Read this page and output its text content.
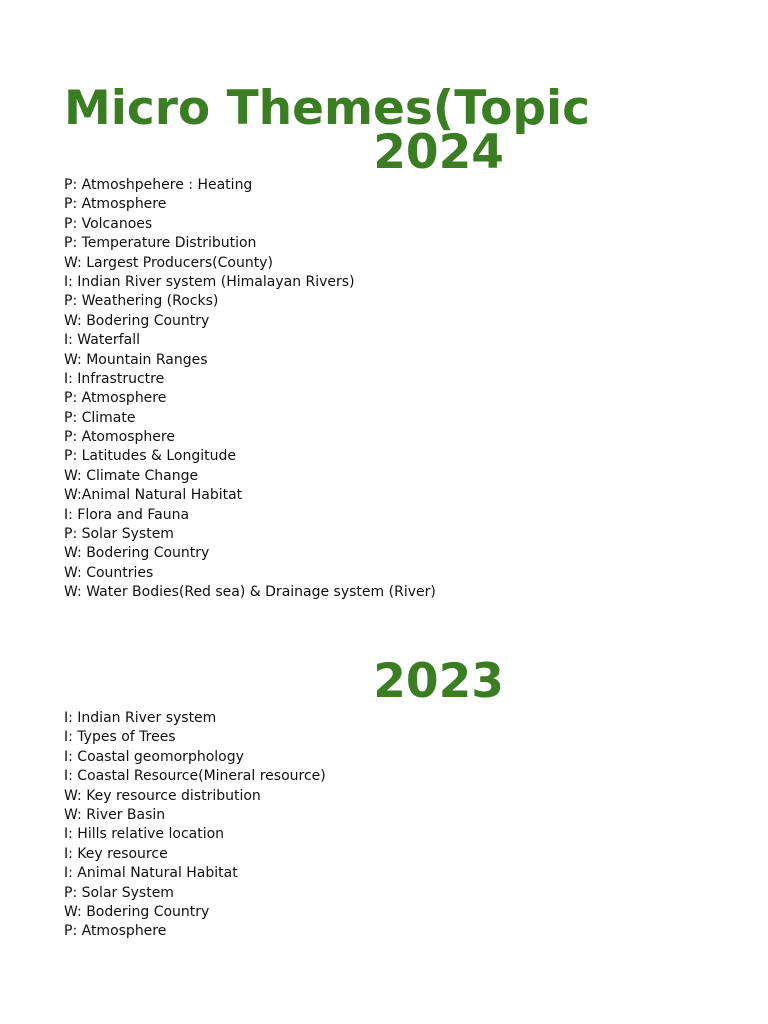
Micro Themes(Topic
2024
P: Atmoshpehere : Heating
P: Atmosphere
P: Volcanoes
P: Temperature Distribution
W: Largest Producers(County)
I: Indian River system (Himalayan Rivers)
P: Weathering (Rocks)
W: Bodering Country
I: Waterfall
W: Mountain Ranges
I: Infrastructre
P: Atmosphere
P: Climate
P: Atomosphere
P: Latitudes & Longitude
W: Climate Change
W:Animal Natural Habitat
I: Flora and Fauna
P: Solar System
W: Bodering Country
W: Countries
W: Water Bodies(Red sea) & Drainage system (River)
2023
I: Indian River system
I: Types of Trees
I: Coastal geomorphology
I: Coastal Resource(Mineral resource)
W: Key resource distribution
W: River Basin
I: Hills relative location
I: Key resource
I: Animal Natural Habitat
P: Solar System
W: Bodering Country
P: Atmosphere
